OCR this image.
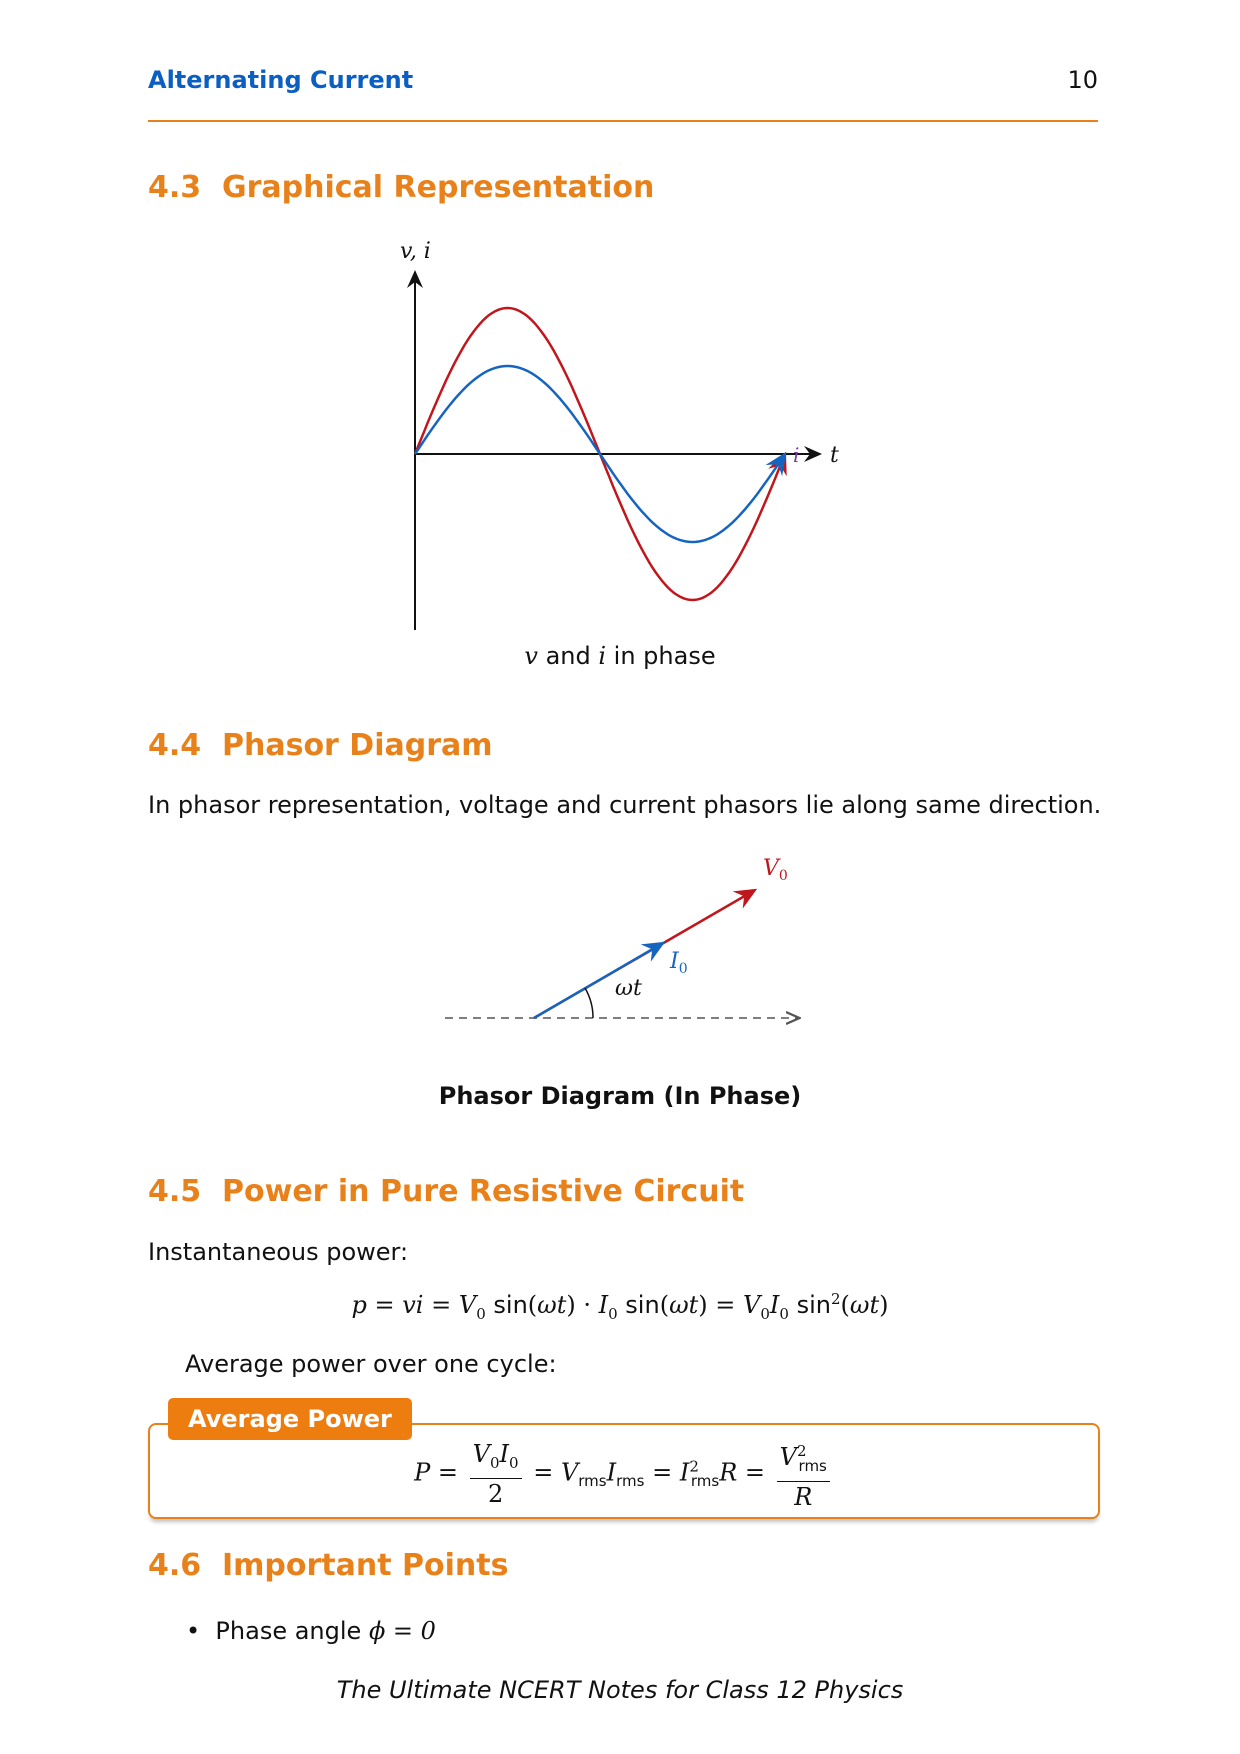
Alternating Current	10
4.3 Graphical Representation
v, i
t
i
v and i in phase
4.4 Phasor Diagram
In phasor representation, voltage and current phasors lie along same direction.
ωt
$V_0$
$I_0$
Phasor Diagram (In Phase)
4.5 Power in Pure Resistive Circuit
Instantaneous power:
p = vi = $V_0$ $\sin(\omega t) \cdot I_0$ $\sin(\omega t) = V_0I_0$ $\sin^2(\omega t)$
Average power over one cycle:
Average Power
$P = \frac{V_0I_0}{2} = V_{rms}I_{rms} = I^2_{rms}R = \frac{V^2_{rms}}{R}$
4.6 Important Points
•  Phase angle ϕ = 0
The Ultimate NCERT Notes for Class 12 Physics
